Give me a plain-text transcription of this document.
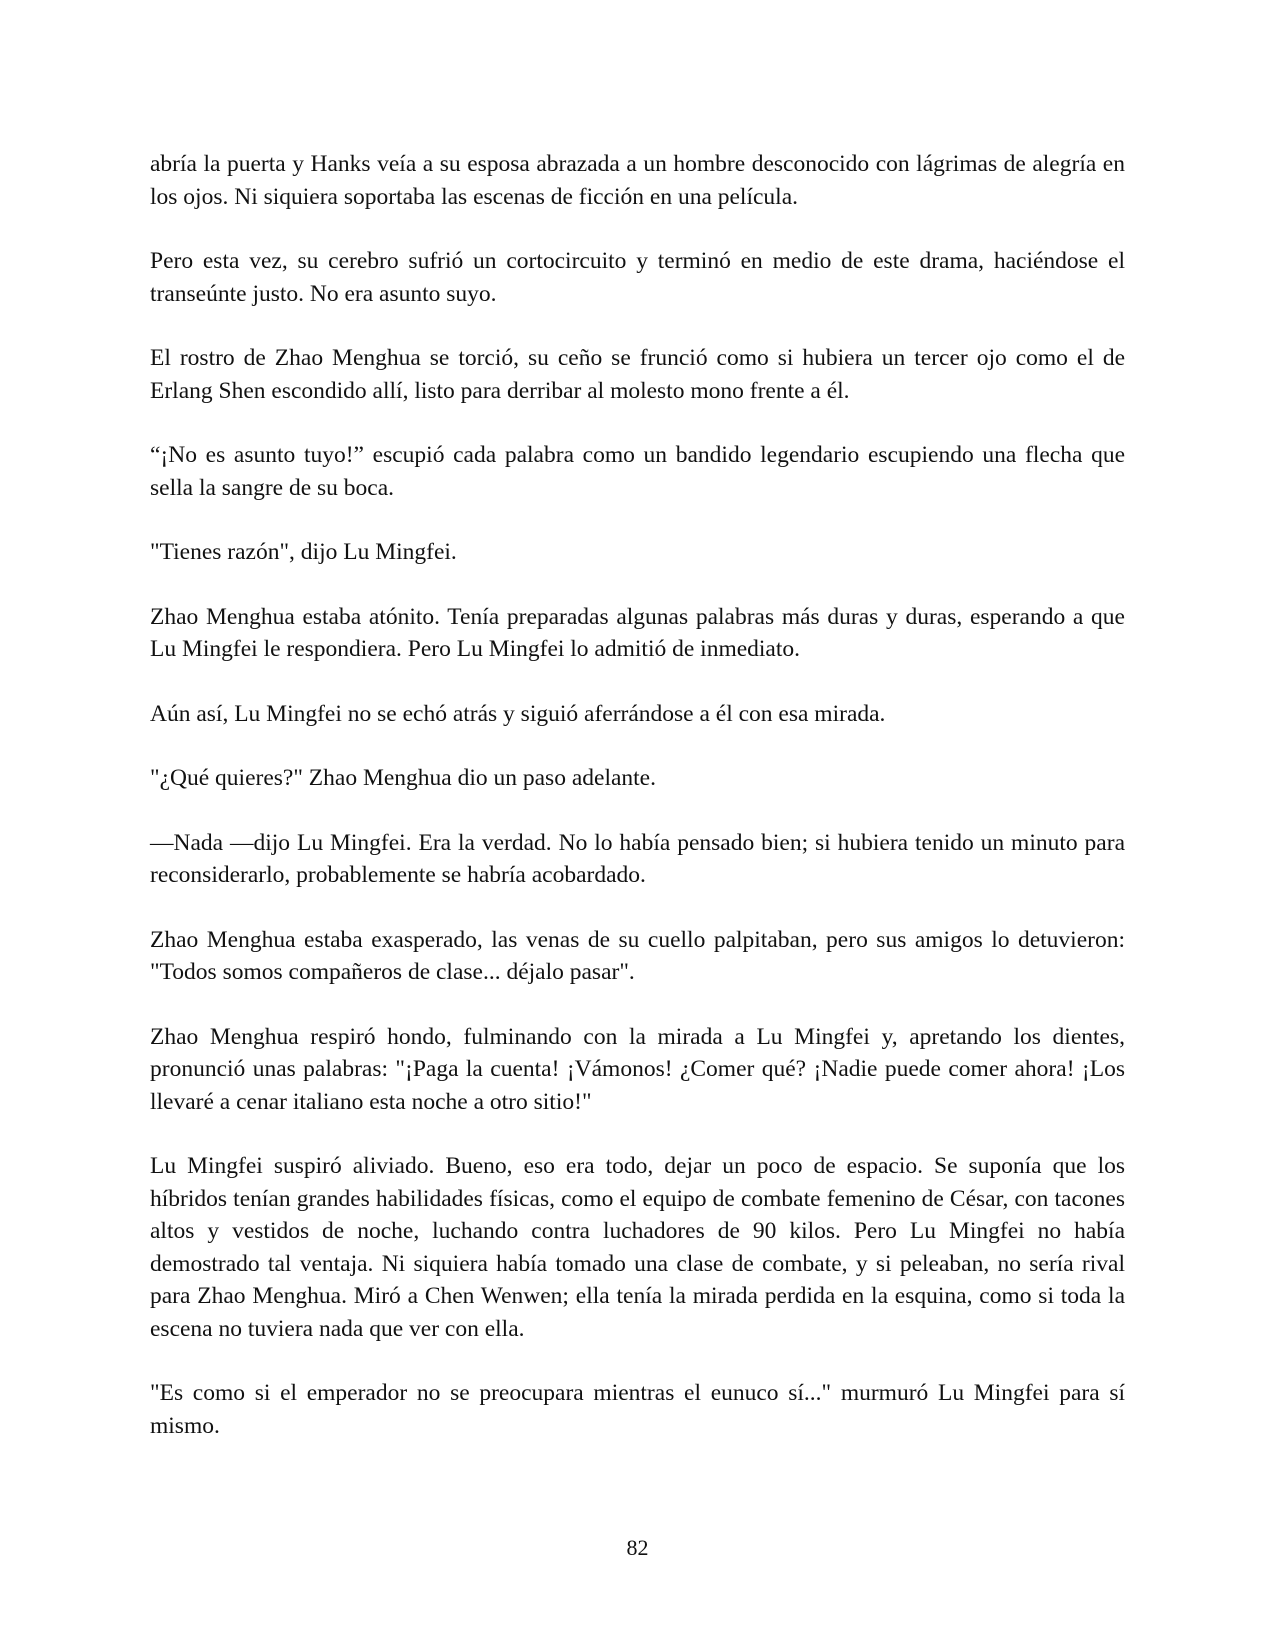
abría la puerta y Hanks veía a su esposa abrazada a un hombre desconocido con lágrimas de alegría en los ojos. Ni siquiera soportaba las escenas de ficción en una película.

Pero esta vez, su cerebro sufrió un cortocircuito y terminó en medio de este drama, haciéndose el transeúnte justo. No era asunto suyo.

El rostro de Zhao Menghua se torció, su ceño se frunció como si hubiera un tercer ojo como el de Erlang Shen escondido allí, listo para derribar al molesto mono frente a él.

“¡No es asunto tuyo!” escupió cada palabra como un bandido legendario escupiendo una flecha que sella la sangre de su boca.

"Tienes razón", dijo Lu Mingfei.

Zhao Menghua estaba atónito. Tenía preparadas algunas palabras más duras y duras, esperando a que Lu Mingfei le respondiera. Pero Lu Mingfei lo admitió de inmediato.

Aún así, Lu Mingfei no se echó atrás y siguió aferrándose a él con esa mirada.

"¿Qué quieres?" Zhao Menghua dio un paso adelante.

—Nada —dijo Lu Mingfei. Era la verdad. No lo había pensado bien; si hubiera tenido un minuto para reconsiderarlo, probablemente se habría acobardado.

Zhao Menghua estaba exasperado, las venas de su cuello palpitaban, pero sus amigos lo detuvieron: "Todos somos compañeros de clase... déjalo pasar".

Zhao Menghua respiró hondo, fulminando con la mirada a Lu Mingfei y, apretando los dientes, pronunció unas palabras: "¡Paga la cuenta! ¡Vámonos! ¿Comer qué? ¡Nadie puede comer ahora! ¡Los llevaré a cenar italiano esta noche a otro sitio!"

Lu Mingfei suspiró aliviado. Bueno, eso era todo, dejar un poco de espacio. Se suponía que los híbridos tenían grandes habilidades físicas, como el equipo de combate femenino de César, con tacones altos y vestidos de noche, luchando contra luchadores de 90 kilos. Pero Lu Mingfei no había demostrado tal ventaja. Ni siquiera había tomado una clase de combate, y si peleaban, no sería rival para Zhao Menghua. Miró a Chen Wenwen; ella tenía la mirada perdida en la esquina, como si toda la escena no tuviera nada que ver con ella.

"Es como si el emperador no se preocupara mientras el eunuco sí..." murmuró Lu Mingfei para sí mismo.

82
